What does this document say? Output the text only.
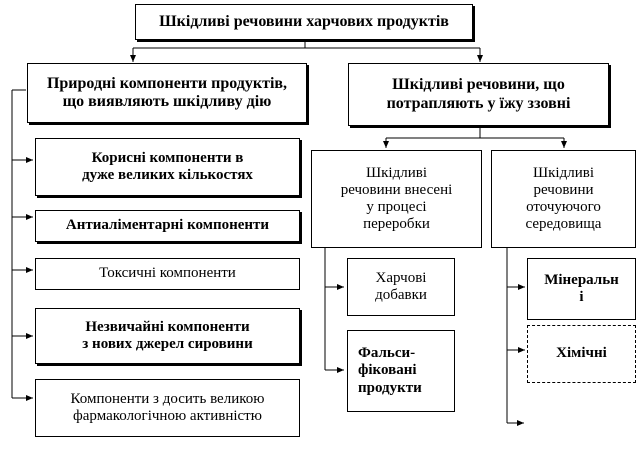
Шкідливі речовини харчових продуктів
Природні компоненти продуктів,
що виявляють шкідливу дію
Шкідливі речовини, що
потрапляють у їжу ззовні
Корисні компоненти в
дуже великих кількостях
Антиаліментарні компоненти
Токсичні компоненти
Незвичайні компоненти
з нових джерел сировини
Компоненти з досить великою
фармакологічною активністю
Шкідливі
речовини внесені
у процесі
переробки
Шкідливі
речовини
оточуючого
середовища
Харчові
добавки
Фальси-
фіковані
продукти
Мінеральн
і
Хімічні
